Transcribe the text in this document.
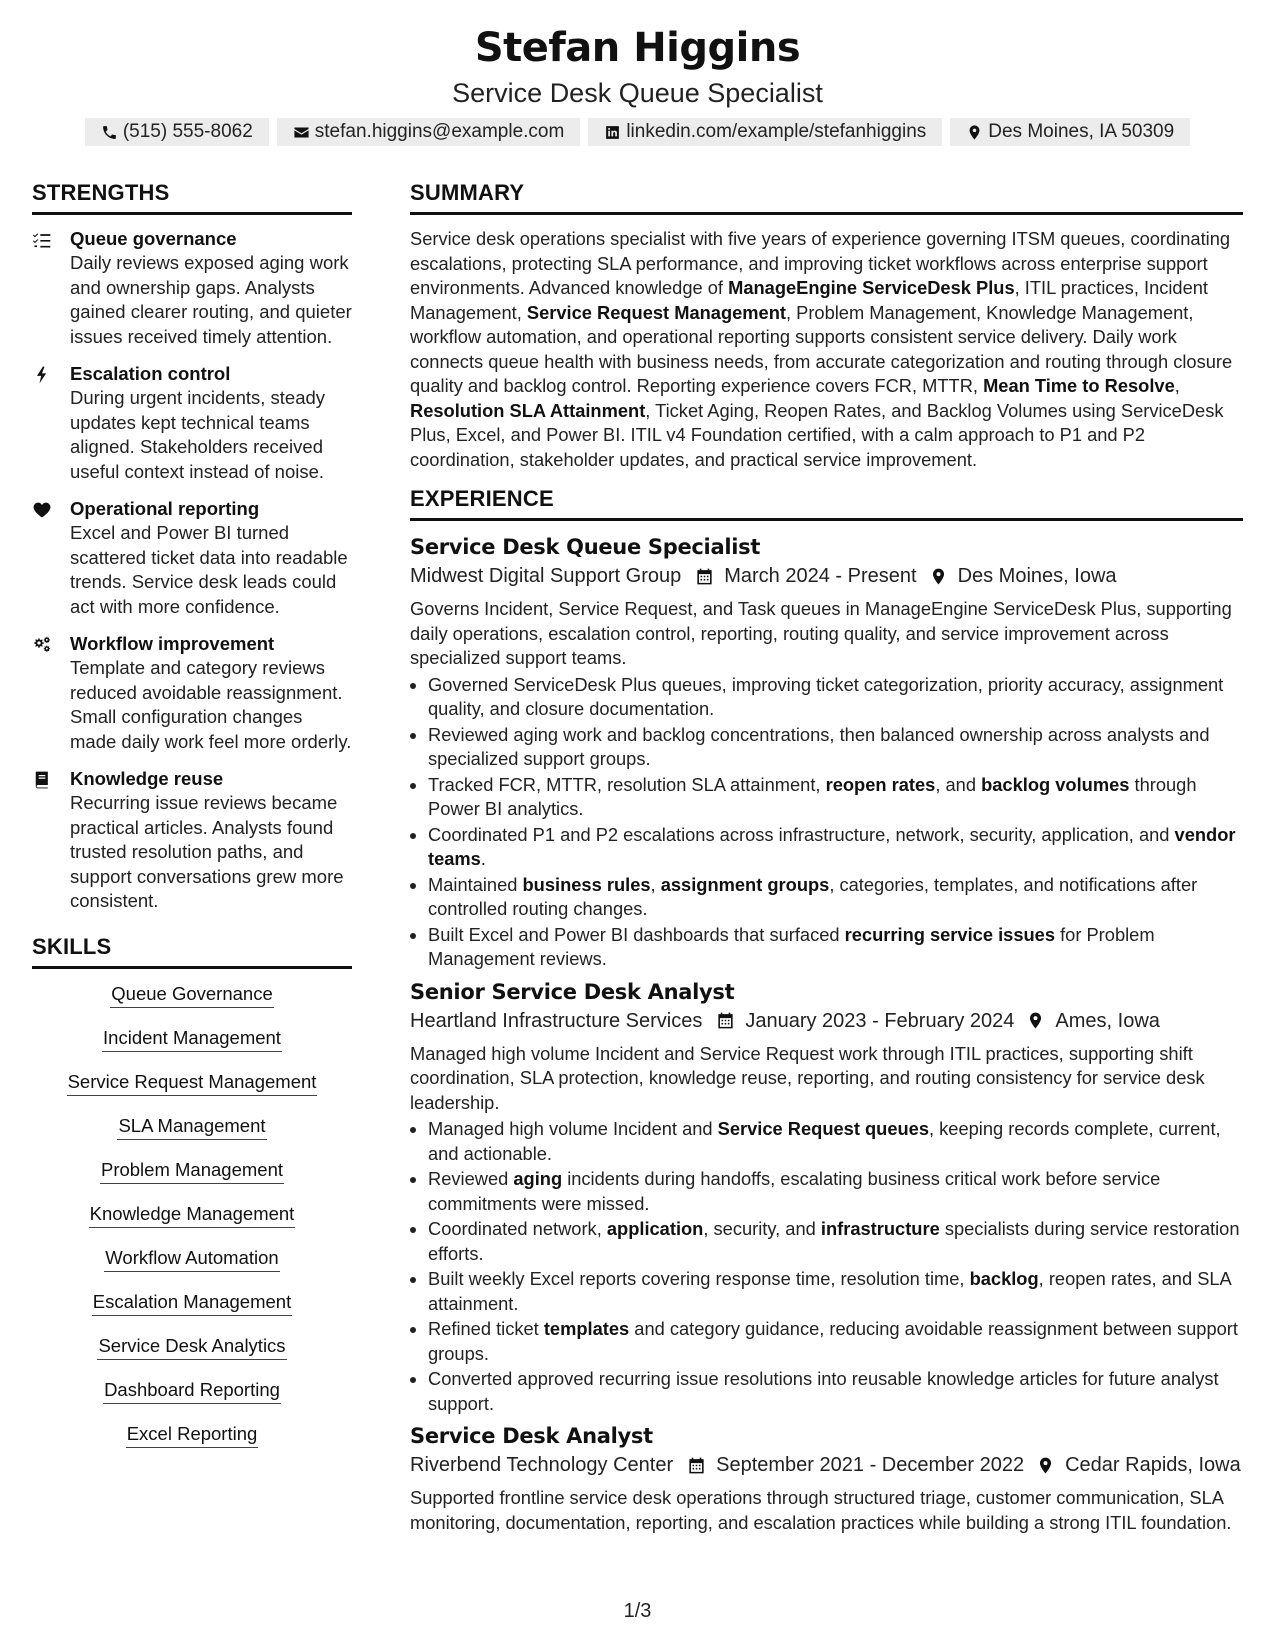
Stefan Higgins
Service Desk Queue Specialist
(515) 555-8062	stefan.higgins@example.com	linkedin.com/example/stefanhiggins	Des Moines, IA 50309
STRENGTHS
Queue governance
Daily reviews exposed aging work and ownership gaps. Analysts gained clearer routing, and quieter issues received timely attention.
Escalation control
During urgent incidents, steady updates kept technical teams aligned. Stakeholders received useful context instead of noise.
Operational reporting
Excel and Power BI turned scattered ticket data into readable trends. Service desk leads could act with more confidence.
Workflow improvement
Template and category reviews reduced avoidable reassignment. Small configuration changes made daily work feel more orderly.
Knowledge reuse
Recurring issue reviews became practical articles. Analysts found trusted resolution paths, and support conversations grew more consistent.
SKILLS
Queue Governance
Incident Management
Service Request Management
SLA Management
Problem Management
Knowledge Management
Workflow Automation
Escalation Management
Service Desk Analytics
Dashboard Reporting
Excel Reporting
SUMMARY
Service desk operations specialist with five years of experience governing ITSM queues, coordinating escalations, protecting SLA performance, and improving ticket workflows across enterprise support environments. Advanced knowledge of ManageEngine ServiceDesk Plus, ITIL practices, Incident Management, Service Request Management, Problem Management, Knowledge Management, workflow automation, and operational reporting supports consistent service delivery. Daily work connects queue health with business needs, from accurate categorization and routing through closure quality and backlog control. Reporting experience covers FCR, MTTR, Mean Time to Resolve, Resolution SLA Attainment, Ticket Aging, Reopen Rates, and Backlog Volumes using ServiceDesk Plus, Excel, and Power BI. ITIL v4 Foundation certified, with a calm approach to P1 and P2 coordination, stakeholder updates, and practical service improvement.
EXPERIENCE
Service Desk Queue Specialist
Midwest Digital Support Group March 2024 - Present Des Moines, Iowa
Governs Incident, Service Request, and Task queues in ManageEngine ServiceDesk Plus, supporting daily operations, escalation control, reporting, routing quality, and service improvement across specialized support teams.
• Governed ServiceDesk Plus queues, improving ticket categorization, priority accuracy, assignment quality, and closure documentation.
• Reviewed aging work and backlog concentrations, then balanced ownership across analysts and specialized support groups.
• Tracked FCR, MTTR, resolution SLA attainment, reopen rates, and backlog volumes through Power BI analytics.
• Coordinated P1 and P2 escalations across infrastructure, network, security, application, and vendor teams.
• Maintained business rules, assignment groups, categories, templates, and notifications after controlled routing changes.
• Built Excel and Power BI dashboards that surfaced recurring service issues for Problem Management reviews.
Senior Service Desk Analyst
Heartland Infrastructure Services January 2023 - February 2024 Ames, Iowa
Managed high volume Incident and Service Request work through ITIL practices, supporting shift coordination, SLA protection, knowledge reuse, reporting, and routing consistency for service desk leadership.
• Managed high volume Incident and Service Request queues, keeping records complete, current, and actionable.
• Reviewed aging incidents during handoffs, escalating business critical work before service commitments were missed.
• Coordinated network, application, security, and infrastructure specialists during service restoration efforts.
• Built weekly Excel reports covering response time, resolution time, backlog, reopen rates, and SLA attainment.
• Refined ticket templates and category guidance, reducing avoidable reassignment between support groups.
• Converted approved recurring issue resolutions into reusable knowledge articles for future analyst support.
Service Desk Analyst
Riverbend Technology Center September 2021 - December 2022 Cedar Rapids, Iowa
Supported frontline service desk operations through structured triage, customer communication, SLA monitoring, documentation, reporting, and escalation practices while building a strong ITIL foundation.
1/3
